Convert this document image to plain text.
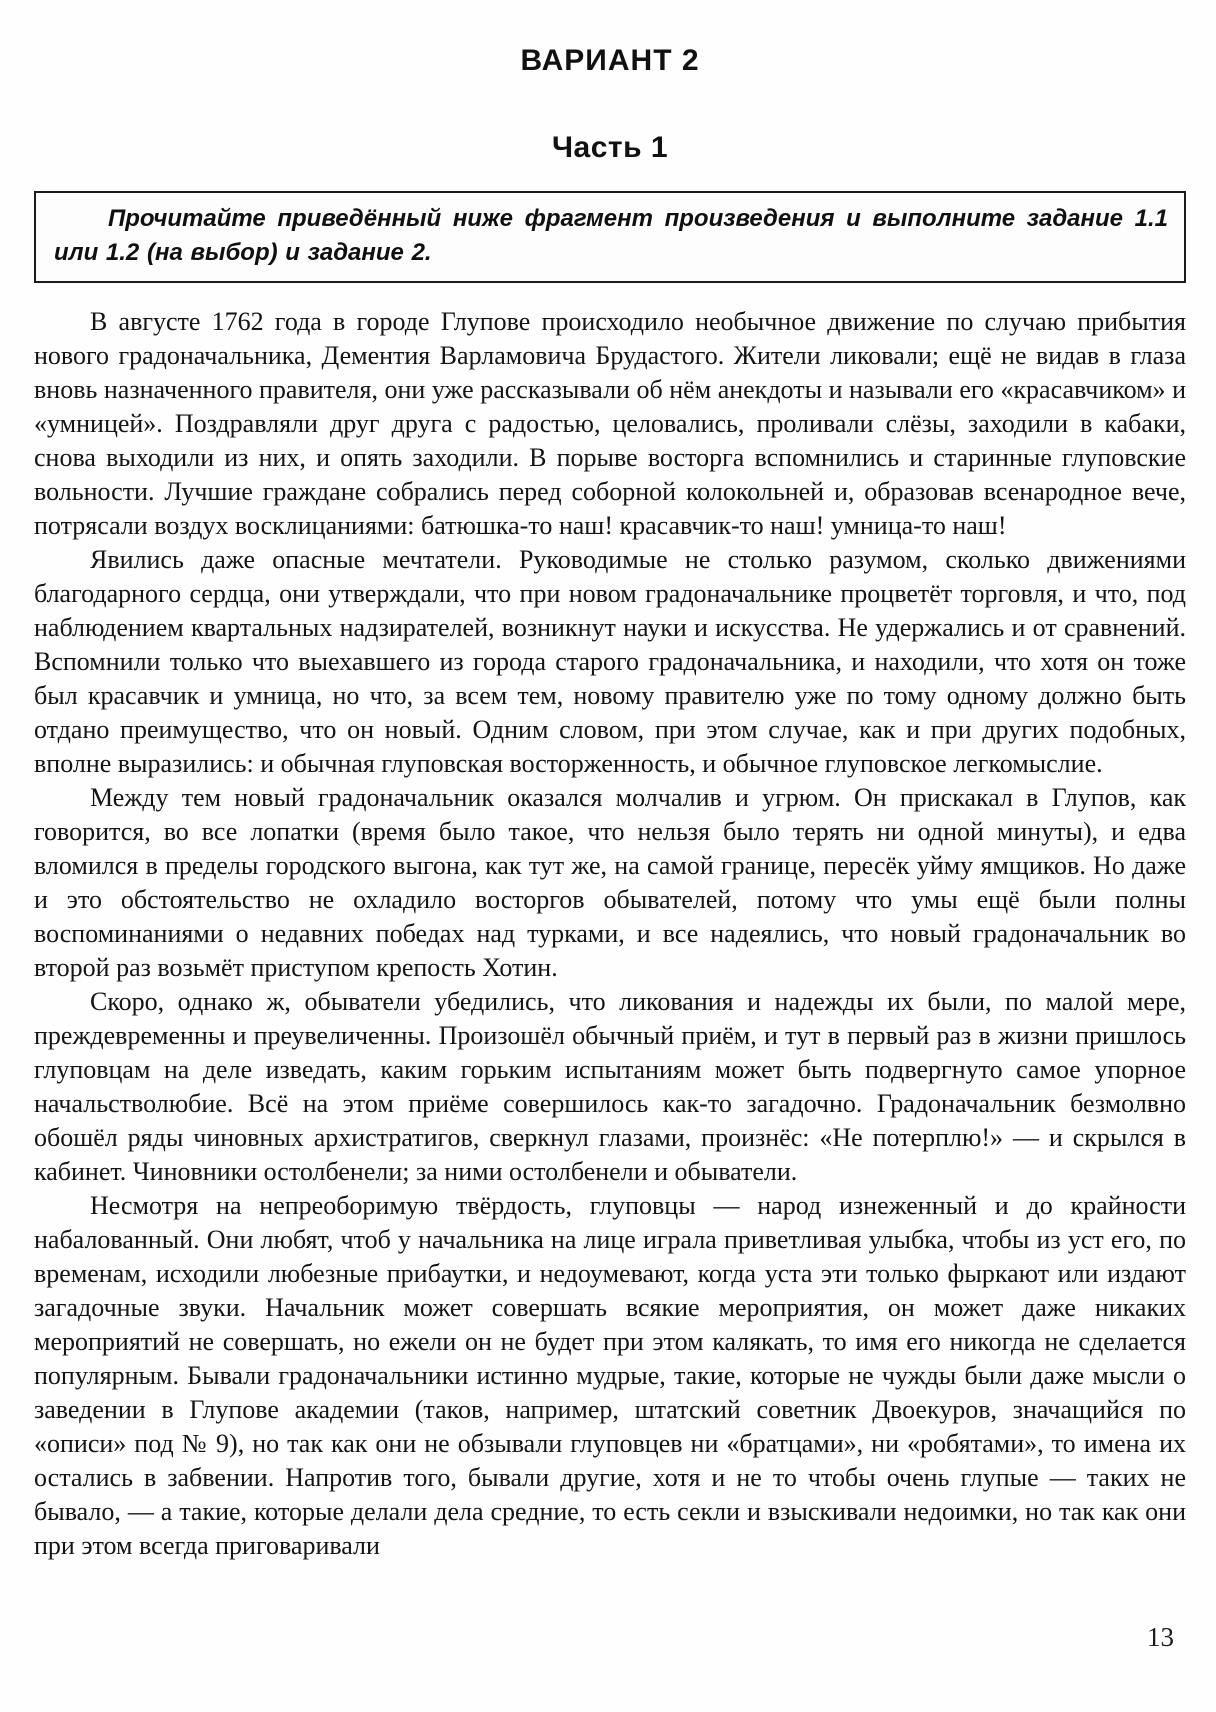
ВАРИАНТ 2
Часть 1

Прочитайте приведённый ниже фрагмент произведения и выполните задание 1.1 или 1.2 (на выбор) и задание 2.

В августе 1762 года в городе Глупове происходило необычное движение по случаю прибытия нового градоначальника, Дементия Варламовича Брудастого. Жители ликовали; ещё не видав в глаза вновь назначенного правителя, они уже рассказывали об нём анекдоты и называли его «красавчиком» и «умницей». Поздравляли друг друга с радостью, целовались, проливали слёзы, заходили в кабаки, снова выходили из них, и опять заходили. В порыве восторга вспомнились и старинные глуповские вольности. Лучшие граждане собрались перед соборной колокольней и, образовав всенародное вече, потрясали воздух восклицаниями: батюшка-то наш! красавчик-то наш! умница-то наш!

Явились даже опасные мечтатели. Руководимые не столько разумом, сколько движениями благодарного сердца, они утверждали, что при новом градоначальнике процветёт торговля, и что, под наблюдением квартальных надзирателей, возникнут науки и искусства. Не удержались и от сравнений. Вспомнили только что выехавшего из города старого градоначальника, и находили, что хотя он тоже был красавчик и умница, но что, за всем тем, новому правителю уже по тому одному должно быть отдано преимущество, что он новый. Одним словом, при этом случае, как и при других подобных, вполне выразились: и обычная глуповская восторженность, и обычное глуповское легкомыслие.

Между тем новый градоначальник оказался молчалив и угрюм. Он прискакал в Глупов, как говорится, во все лопатки (время было такое, что нельзя было терять ни одной минуты), и едва вломился в пределы городского выгона, как тут же, на самой границе, пересёк уйму ямщиков. Но даже и это обстоятельство не охладило восторгов обывателей, потому что умы ещё были полны воспоминаниями о недавних победах над турками, и все надеялись, что новый градоначальник во второй раз возьмёт приступом крепость Хотин.

Скоро, однако ж, обыватели убедились, что ликования и надежды их были, по малой мере, преждевременны и преувеличенны. Произошёл обычный приём, и тут в первый раз в жизни пришлось глуповцам на деле изведать, каким горьким испытаниям может быть подвергнуто самое упорное начальстволюбие. Всё на этом приёме совершилось как-то загадочно. Градоначальник безмолвно обошёл ряды чиновных архистратигов, сверкнул глазами, произнёс: «Не потерплю!» — и скрылся в кабинет. Чиновники остолбенели; за ними остолбенели и обыватели.

Несмотря на непреоборимую твёрдость, глуповцы — народ изнеженный и до крайности набалованный. Они любят, чтоб у начальника на лице играла приветливая улыбка, чтобы из уст его, по временам, исходили любезные прибаутки, и недоумевают, когда уста эти только фыркают или издают загадочные звуки. Начальник может совершать всякие мероприятия, он может даже никаких мероприятий не совершать, но ежели он не будет при этом калякать, то имя его никогда не сделается популярным. Бывали градоначальники истинно мудрые, такие, которые не чужды были даже мысли о заведении в Глупове академии (таков, например, штатский советник Двоекуров, значащийся по «описи» под № 9), но так как они не обзывали глуповцев ни «братцами», ни «робятами», то имена их остались в забвении. Напротив того, бывали другие, хотя и не то чтобы очень глупые — таких не бывало, — а такие, которые делали дела средние, то есть секли и взыскивали недоимки, но так как они при этом всегда приговаривали

13
